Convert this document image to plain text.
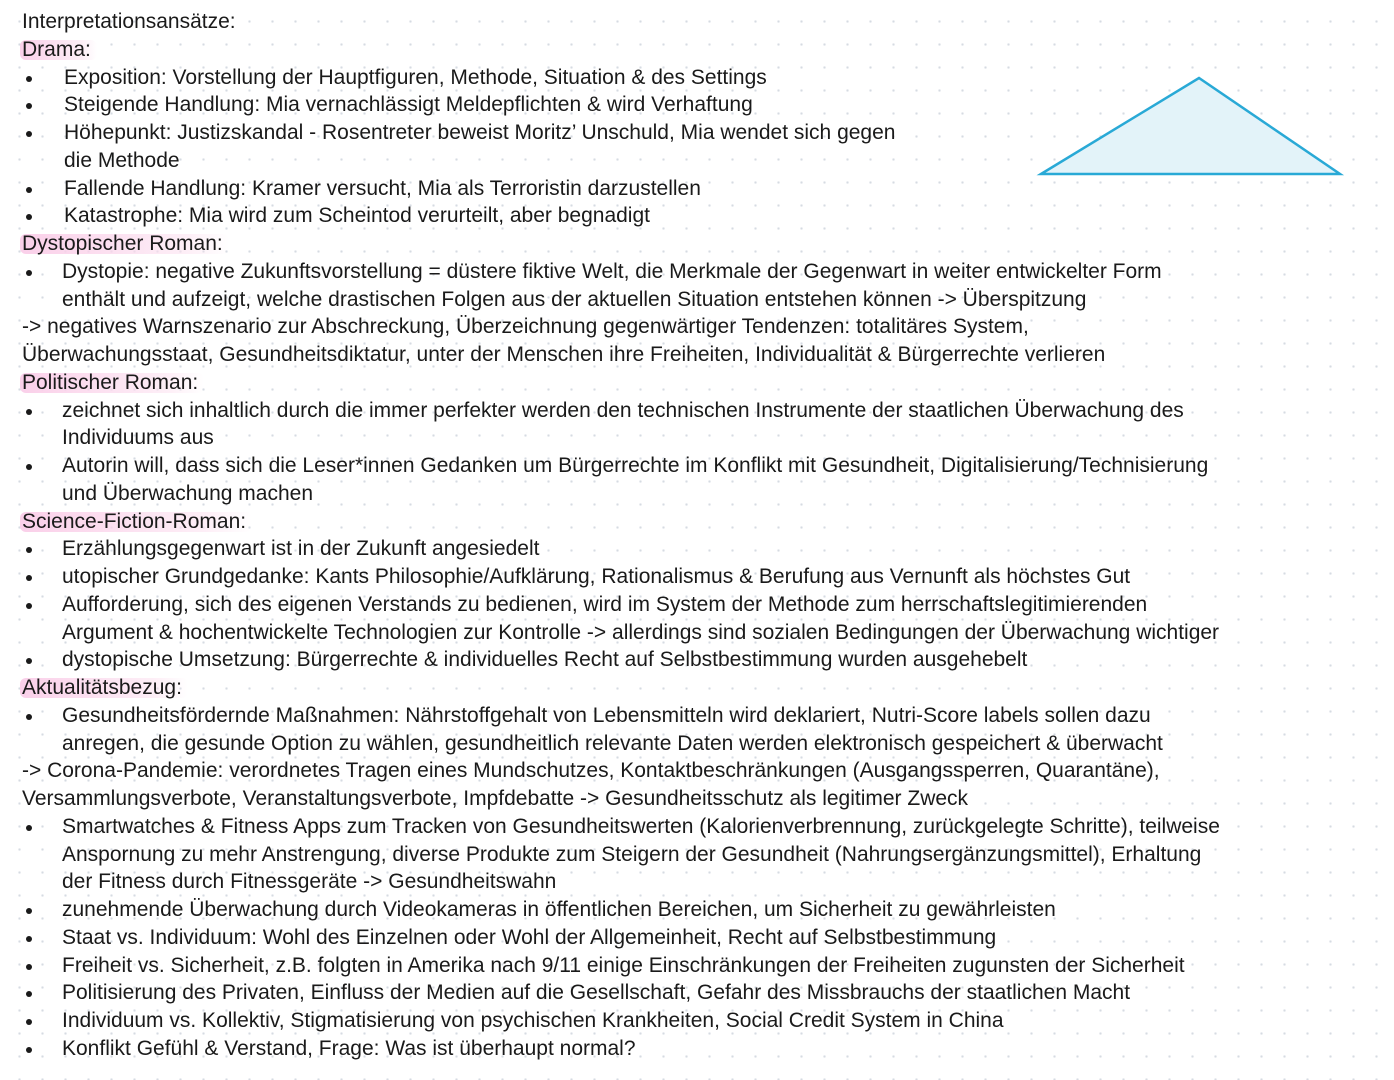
Interpretationsansätze:
Drama:
Exposition: Vorstellung der Hauptfiguren, Methode, Situation & des Settings
Steigende Handlung: Mia vernachlässigt Meldepflichten & wird Verhaftung
Höhepunkt: Justizskandal - Rosentreter beweist Moritz’ Unschuld, Mia wendet sich gegen
die Methode
Fallende Handlung: Kramer versucht, Mia als Terroristin darzustellen
Katastrophe: Mia wird zum Scheintod verurteilt, aber begnadigt
Dystopischer Roman:
Dystopie: negative Zukunftsvorstellung = düstere fiktive Welt, die Merkmale der Gegenwart in weiter entwickelter Form
enthält und aufzeigt, welche drastischen Folgen aus der aktuellen Situation entstehen können -> Überspitzung
-> negatives Warnszenario zur Abschreckung, Überzeichnung gegenwärtiger Tendenzen: totalitäres System,
Überwachungsstaat, Gesundheitsdiktatur, unter der Menschen ihre Freiheiten, Individualität & Bürgerrechte verlieren
Politischer Roman:
zeichnet sich inhaltlich durch die immer perfekter werden den technischen Instrumente der staatlichen Überwachung des
Individuums aus
Autorin will, dass sich die Leser*innen Gedanken um Bürgerrechte im Konflikt mit Gesundheit, Digitalisierung/Technisierung
und Überwachung machen
Science-Fiction-Roman:
Erzählungsgegenwart ist in der Zukunft angesiedelt
utopischer Grundgedanke: Kants Philosophie/Aufklärung, Rationalismus & Berufung aus Vernunft als höchstes Gut
Aufforderung, sich des eigenen Verstands zu bedienen, wird im System der Methode zum herrschaftslegitimierenden
Argument & hochentwickelte Technologien zur Kontrolle -> allerdings sind sozialen Bedingungen der Überwachung wichtiger
dystopische Umsetzung: Bürgerrechte & individuelles Recht auf Selbstbestimmung wurden ausgehebelt
Aktualitätsbezug:
Gesundheitsfördernde Maßnahmen: Nährstoffgehalt von Lebensmitteln wird deklariert, Nutri-Score labels sollen dazu
anregen, die gesunde Option zu wählen, gesundheitlich relevante Daten werden elektronisch gespeichert & überwacht
-> Corona-Pandemie: verordnetes Tragen eines Mundschutzes, Kontaktbeschränkungen (Ausgangssperren, Quarantäne),
Versammlungsverbote, Veranstaltungsverbote, Impfdebatte -> Gesundheitsschutz als legitimer Zweck
Smartwatches & Fitness Apps zum Tracken von Gesundheitswerten (Kalorienverbrennung, zurückgelegte Schritte), teilweise
Anspornung zu mehr Anstrengung, diverse Produkte zum Steigern der Gesundheit (Nahrungsergänzungsmittel), Erhaltung
der Fitness durch Fitnessgeräte -> Gesundheitswahn
zunehmende Überwachung durch Videokameras in öffentlichen Bereichen, um Sicherheit zu gewährleisten
Staat vs. Individuum: Wohl des Einzelnen oder Wohl der Allgemeinheit, Recht auf Selbstbestimmung
Freiheit vs. Sicherheit, z.B. folgten in Amerika nach 9/11 einige Einschränkungen der Freiheiten zugunsten der Sicherheit
Politisierung des Privaten, Einfluss der Medien auf die Gesellschaft, Gefahr des Missbrauchs der staatlichen Macht
Individuum vs. Kollektiv, Stigmatisierung von psychischen Krankheiten, Social Credit System in China
Konflikt Gefühl & Verstand, Frage: Was ist überhaupt normal?
